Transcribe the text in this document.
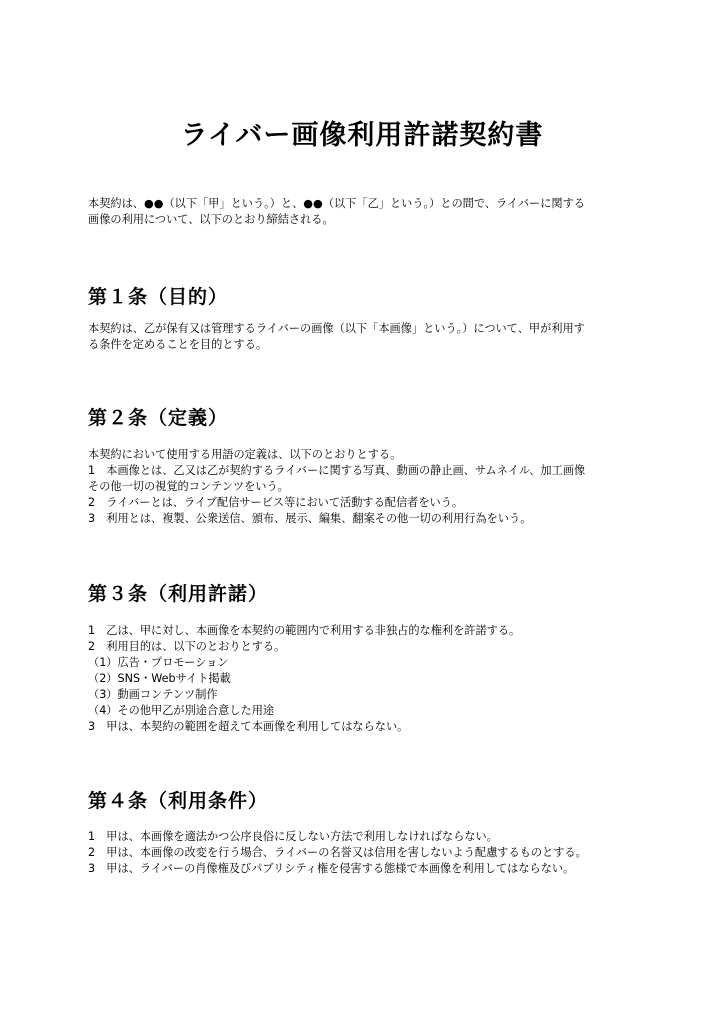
ライバー画像利用許諾契約書

本契約は、●●（以下「甲」という。）と、●●（以下「乙」という。）との間で、ライバーに関する

画像の利用について、以下のとおり締結される。

第１条（目的）

本契約は、乙が保有又は管理するライバーの画像（以下「本画像」という。）について、甲が利用す

る条件を定めることを目的とする。

第２条（定義）

本契約において使用する用語の定義は、以下のとおりとする。

1　本画像とは、乙又は乙が契約するライバーに関する写真、動画の静止画、サムネイル、加工画像

その他一切の視覚的コンテンツをいう。

2　ライバーとは、ライブ配信サービス等において活動する配信者をいう。

3　利用とは、複製、公衆送信、頒布、展示、編集、翻案その他一切の利用行為をいう。

第３条（利用許諾）

1　乙は、甲に対し、本画像を本契約の範囲内で利用する非独占的な権利を許諾する。

2　利用目的は、以下のとおりとする。

（1）広告・プロモーション

（2）SNS・Webサイト掲載

（3）動画コンテンツ制作

（4）その他甲乙が別途合意した用途

3　甲は、本契約の範囲を超えて本画像を利用してはならない。

第４条（利用条件）

1　甲は、本画像を適法かつ公序良俗に反しない方法で利用しなければならない。

2　甲は、本画像の改変を行う場合、ライバーの名誉又は信用を害しないよう配慮するものとする。

3　甲は、ライバーの肖像権及びパブリシティ権を侵害する態様で本画像を利用してはならない。
